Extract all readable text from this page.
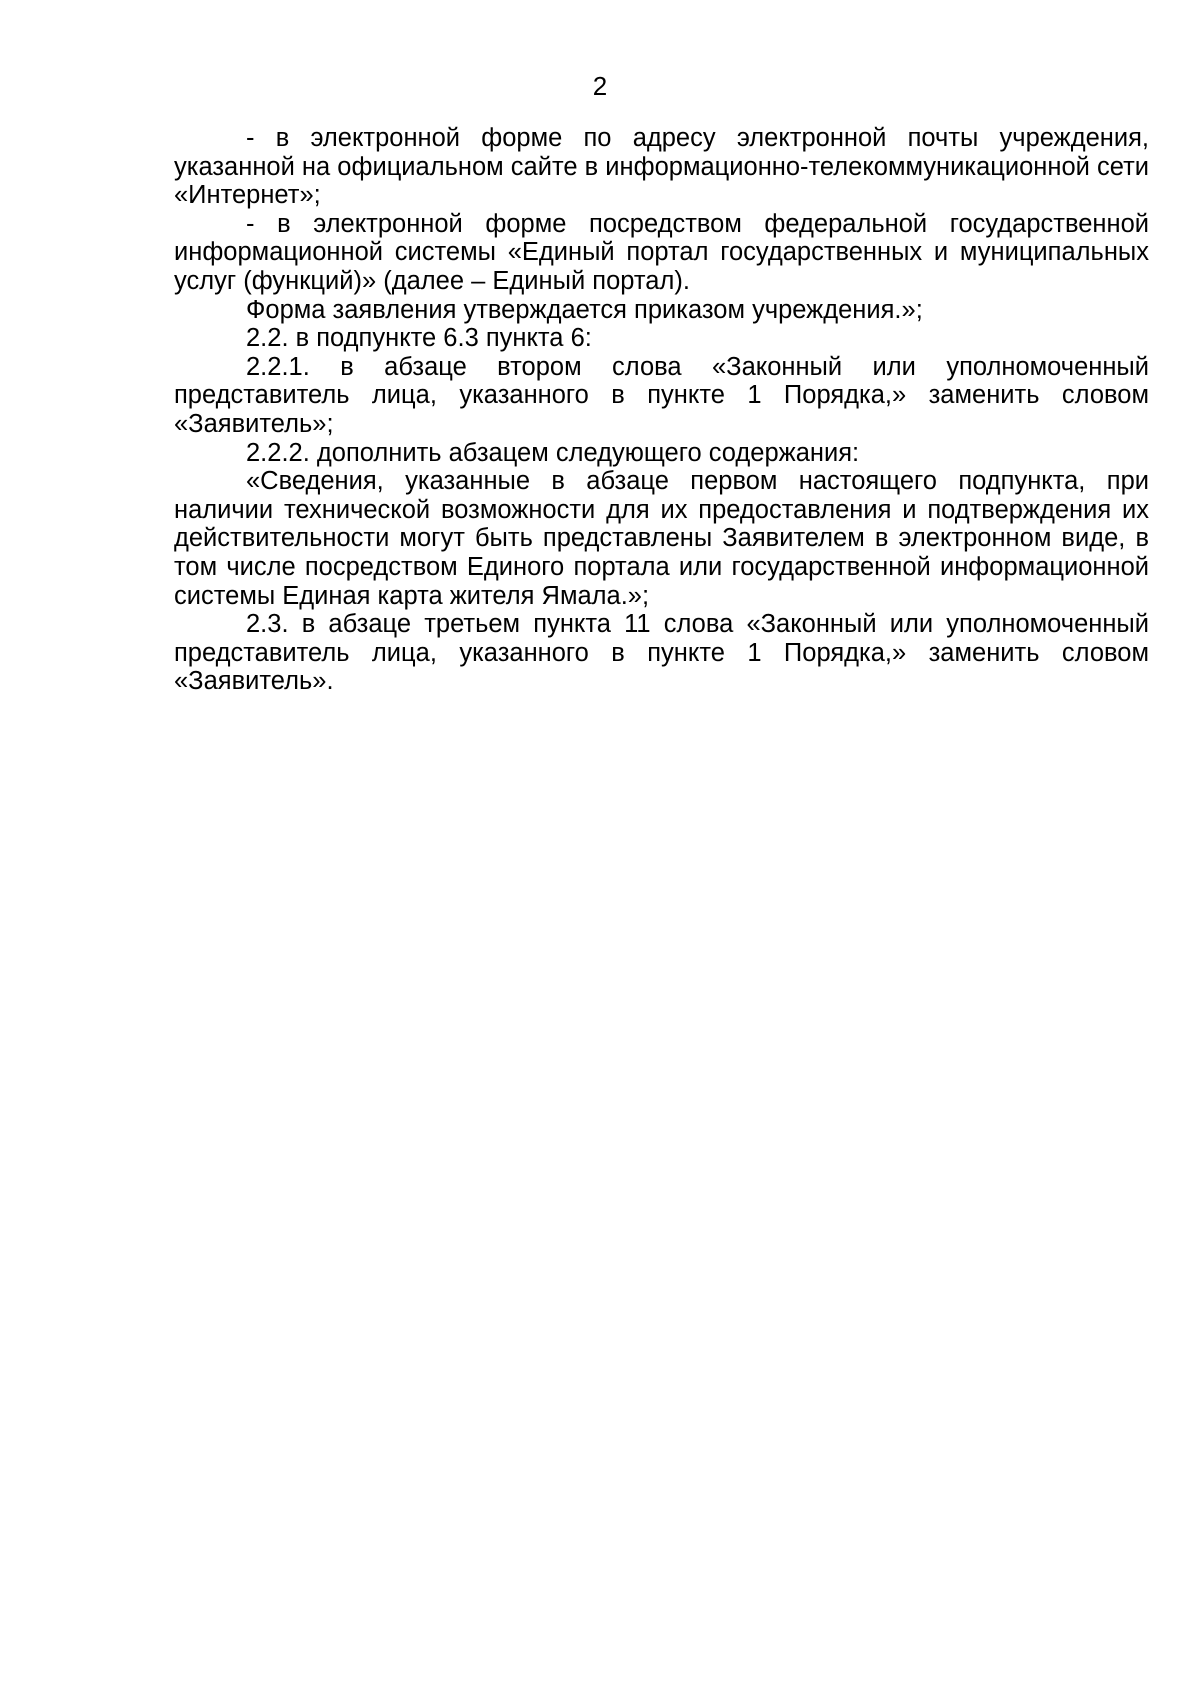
2

- в электронной форме по адресу электронной почты учреждения, указанной на официальном сайте в информационно-телекоммуникационной сети «Интернет»;

- в электронной форме посредством федеральной государственной информационной системы «Единый портал государственных и муниципальных услуг (функций)» (далее – Единый портал).

Форма заявления утверждается приказом учреждения.»;

2.2. в подпункте 6.3 пункта 6:

2.2.1. в абзаце втором слова «Законный или уполномоченный представитель лица, указанного в пункте 1 Порядка,» заменить словом «Заявитель»;

2.2.2. дополнить абзацем следующего содержания:

«Сведения, указанные в абзаце первом настоящего подпункта, при наличии технической возможности для их предоставления и подтверждения их действительности могут быть представлены Заявителем в электронном виде, в том числе посредством Единого портала или государственной информационной системы Единая карта жителя Ямала.»;

2.3. в абзаце третьем пункта 11 слова «Законный или уполномоченный представитель лица, указанного в пункте 1 Порядка,» заменить словом «Заявитель».
